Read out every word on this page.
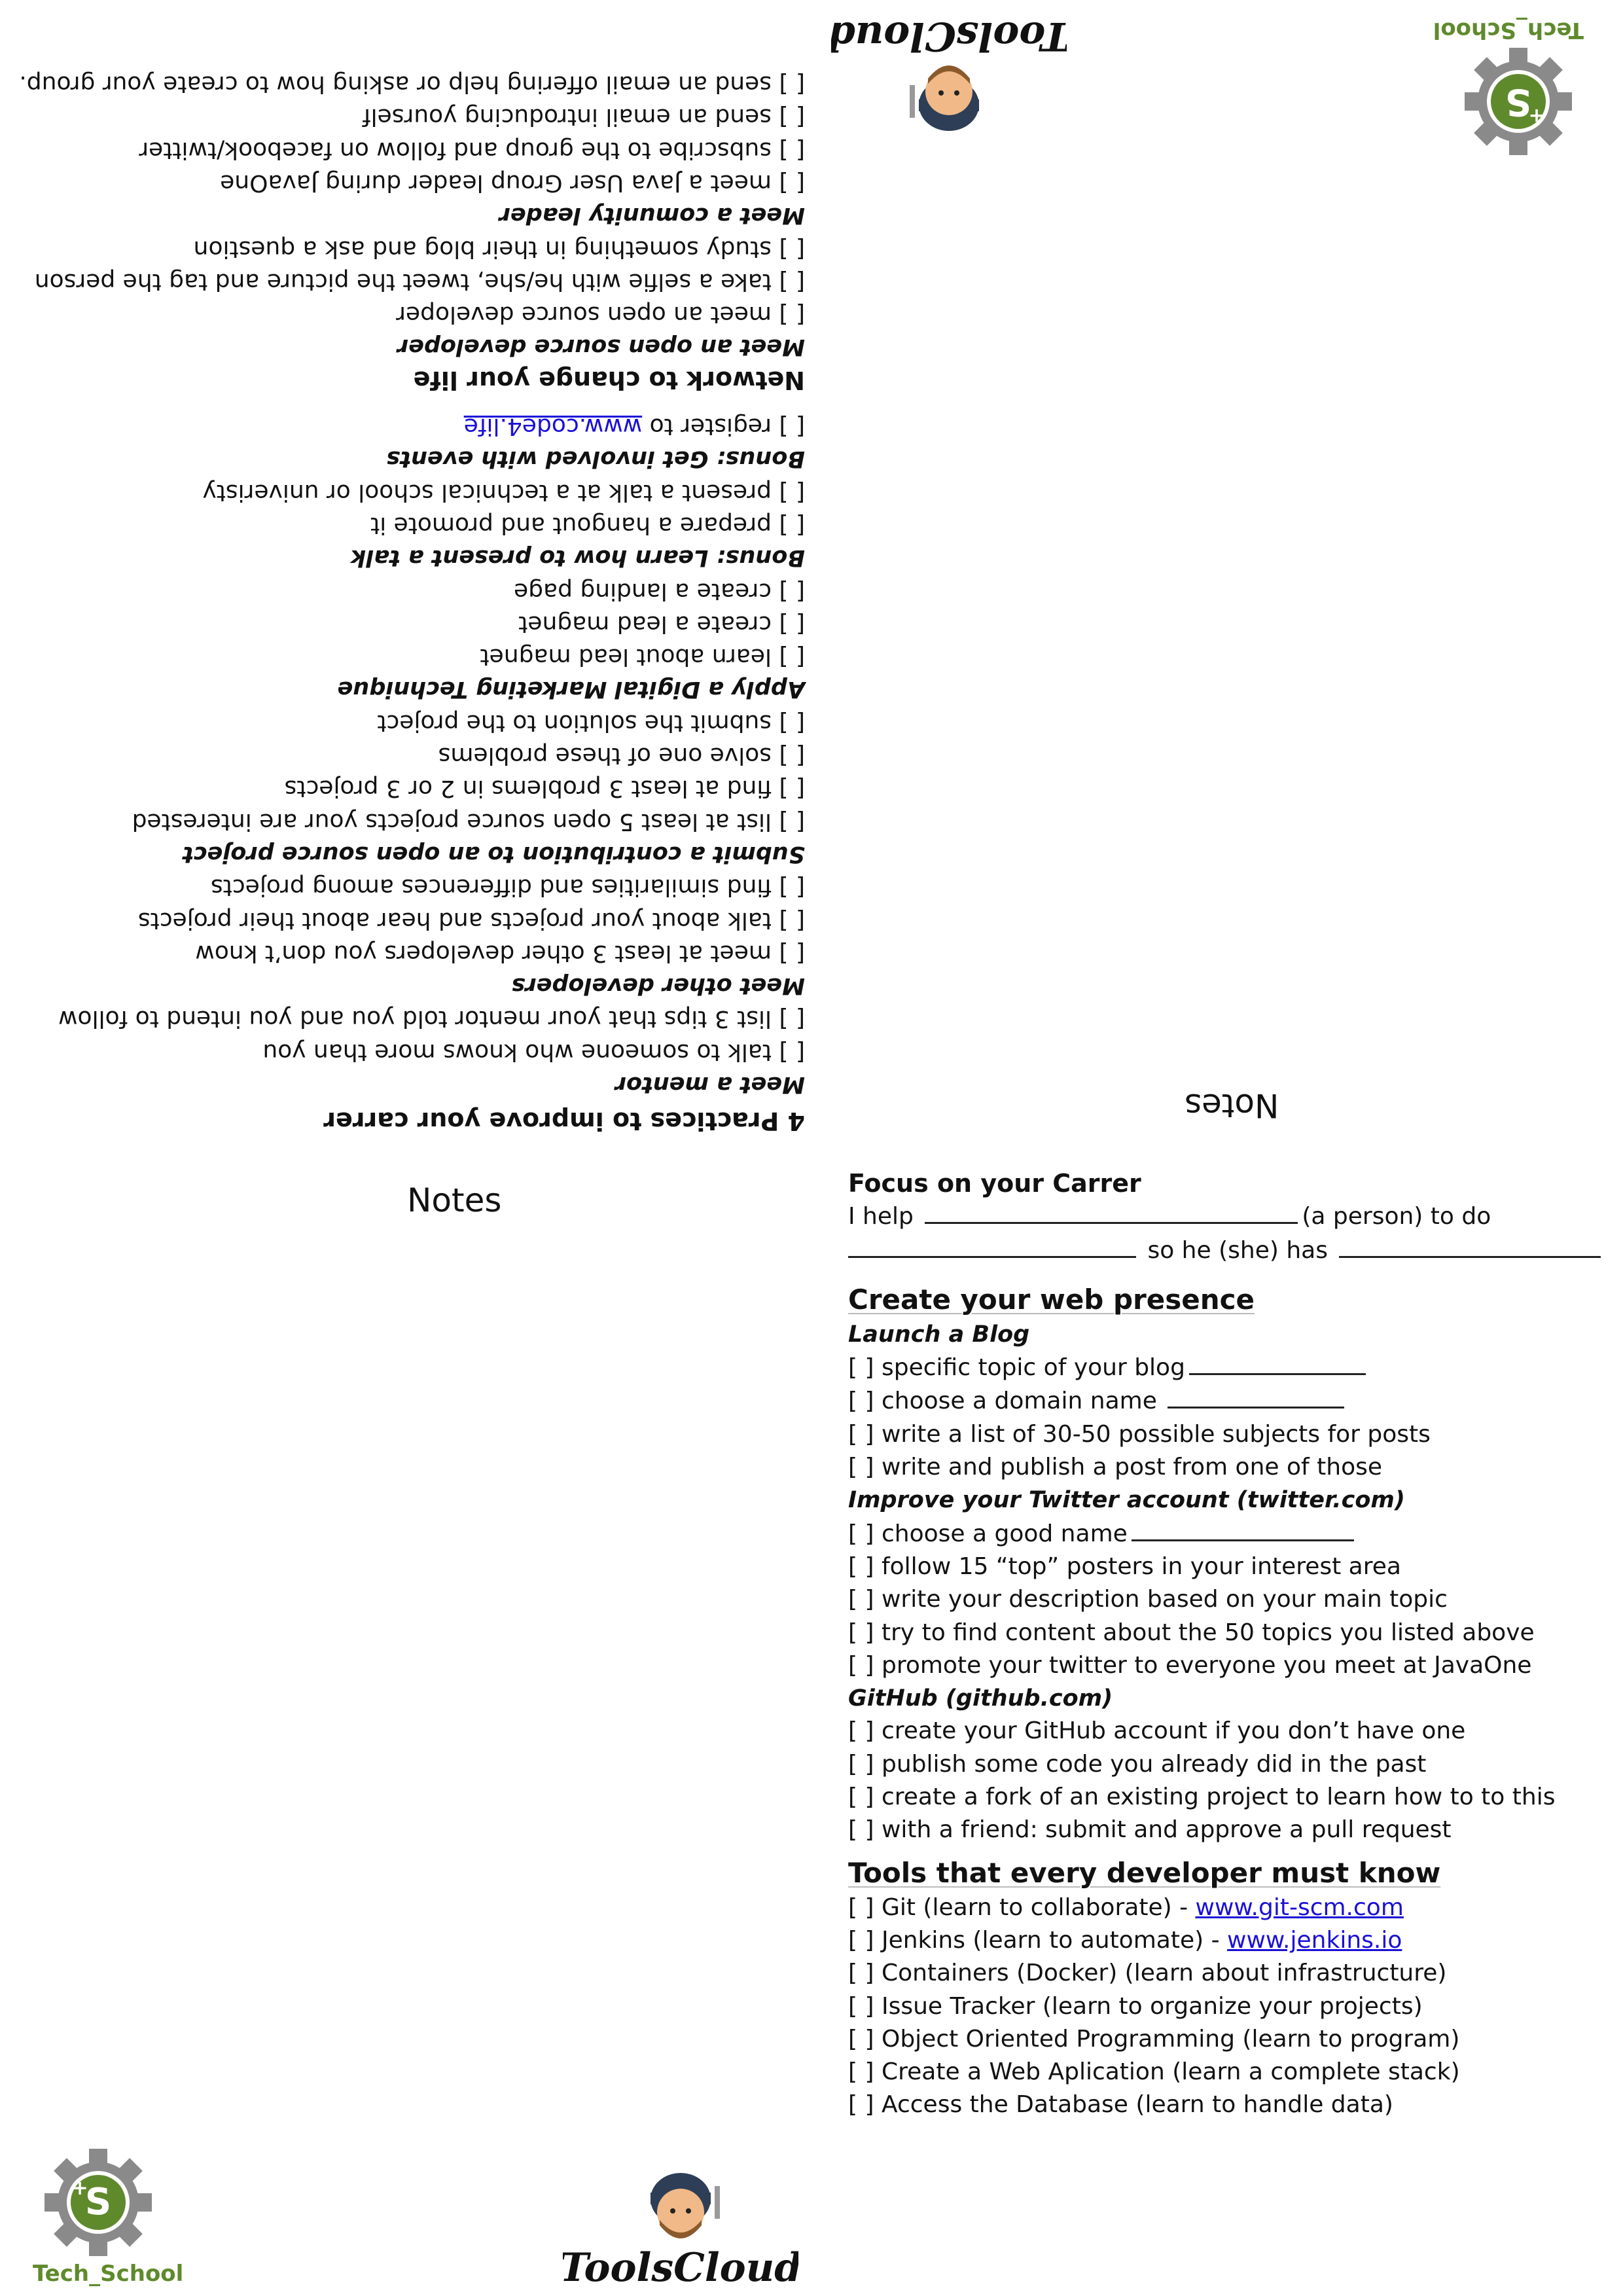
Meet a mentor
[ ] talk to someone who knows more than you
[ ] list 3 tips that your mentor told you and you intend to follow
Meet other developers
[ ] meet at least 3 other developers you don’t know
[ ] talk about your projects and hear about their projects
[ ] find similarities and differences among projects
Submit a contribution to an open source project
[ ] list at least 5 open source projects your are interested
[ ] find at least 3 problems in 2 or 3 projects
[ ] solve one of these problems
[ ] submit the solution to the project
Apply a Digital Marketing Technique
[ ] learn about lead magnet
[ ] create a lead magnet
[ ] create a landing page
Bonus: Learn how to present a talk
[ ] prepare a hangout and promote it
[ ] present a talk at a technical school or univeristy
Bonus: Get involved with events
[ ] register to www.code4.life
Network to change your life
Meet an open source developer
[ ] meet an open source developer
[ ] take a selfie with he/she, tweet the picture and tag the person
[ ] study something in their blog and ask a question
Meet a comunity leader
[ ] meet a Java User Group leader during JavaOne
[ ] subscribe to the group and follow on facebook/twitter
[ ] send an email introducing yourself
[ ] send an email offering help or asking how to create your group.
4 Practices to improve your carrer	Notes
S
+
Tech_School
ToolsCloud
Notes	Focus on your Carrer
I help	(a person) to do
so he (she) has
Create your web presence
Launch a Blog
[ ] specific topic of your blog
[ ] choose a domain name
[ ] write a list of 30-50 possible subjects for posts
[ ] write and publish a post from one of those
Improve your Twitter account (twitter.com)
[ ] choose a good name
[ ] follow 15 “top” posters in your interest area
[ ] write your description based on your main topic
[ ] try to find content about the 50 topics you listed above
[ ] promote your twitter to everyone you meet at JavaOne
GitHub (github.com)
[ ] create your GitHub account if you don’t have one
[ ] publish some code you already did in the past
[ ] create a fork of an existing project to learn how to to this
[ ] with a friend: submit and approve a pull request
Tools that every developer must know
[ ] Git (learn to collaborate) - www.git-scm.com
[ ] Jenkins (learn to automate) - www.jenkins.io
[ ] Containers (Docker) (learn about infrastructure)
[ ] Issue Tracker (learn to organize your projects)
[ ] Object Oriented Programming (learn to program)
[ ] Create a Web Aplication (learn a complete stack)
[ ] Access the Database (learn to handle data)
S
+
Tech_School	ToolsCloud
